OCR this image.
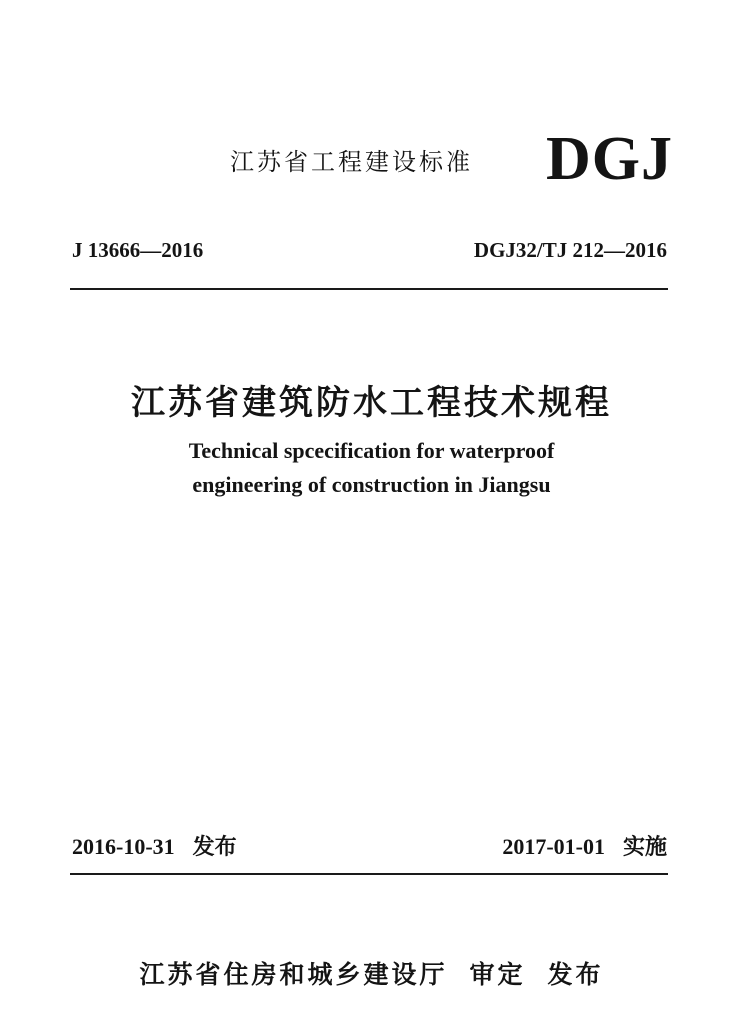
江苏省工程建设标准 DGJ
J 13666—2016	DGJ32/TJ 212—2016
江苏省建筑防水工程技术规程
Technical spcecification for waterproof
engineering of construction in Jiangsu
2016-10-31 发布	2017-01-01 实施
江苏省住房和城乡建设厅 审定 发布
